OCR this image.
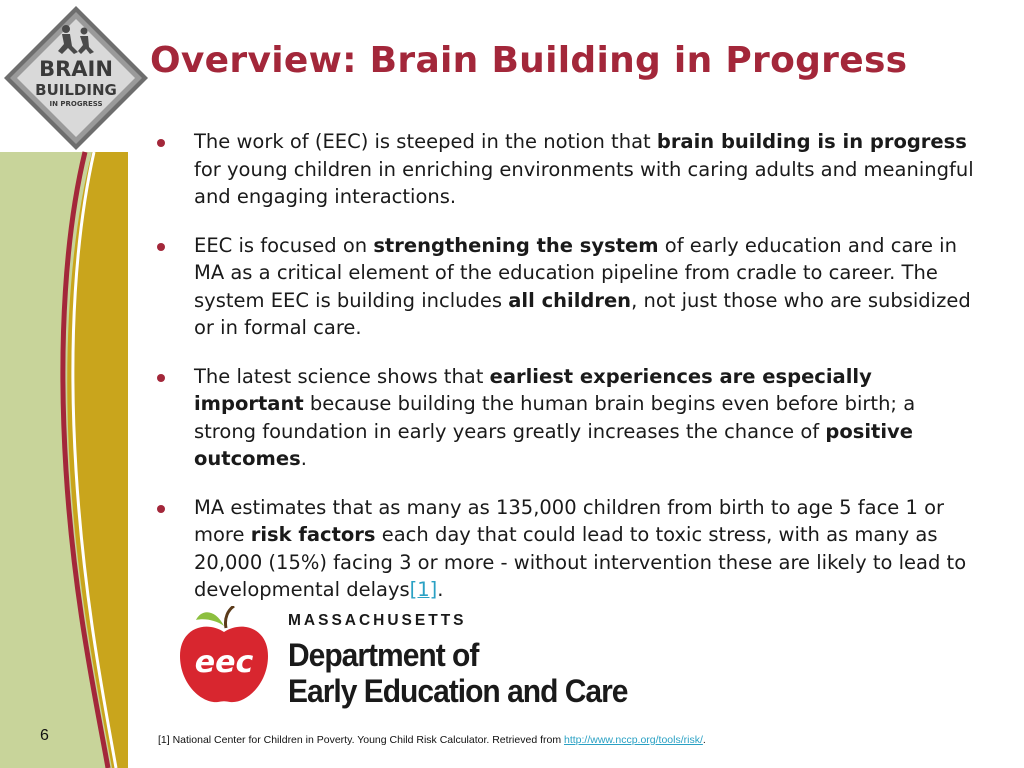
BRAIN
BUILDING
IN PROGRESS
Overview: Brain Building in Progress
The work of (EEC) is steeped in the notion that brain building is in progress for young children in enriching environments with caring adults and meaningful and engaging interactions.
EEC is focused on strengthening the system of early education and care in MA as a critical element of the education pipeline from cradle to career. The system EEC is building includes all children, not just those who are subsidized or in formal care.
The latest science shows that earliest experiences are especially important because building the human brain begins even before birth; a strong foundation in early years greatly increases the chance of positive outcomes.
MA estimates that as many as 135,000 children from birth to age 5 face 1 or more risk factors each day that could lead to toxic stress, with as many as 20,000 (15%) facing 3 or more - without intervention these are likely to lead to developmental delays[1].
eec

MASSACHUSETTS

Department of

Early Education and Care

6	[1] National Center for Children in Poverty. Young Child Risk Calculator. Retrieved from http://www.nccp.org/tools/risk/.
